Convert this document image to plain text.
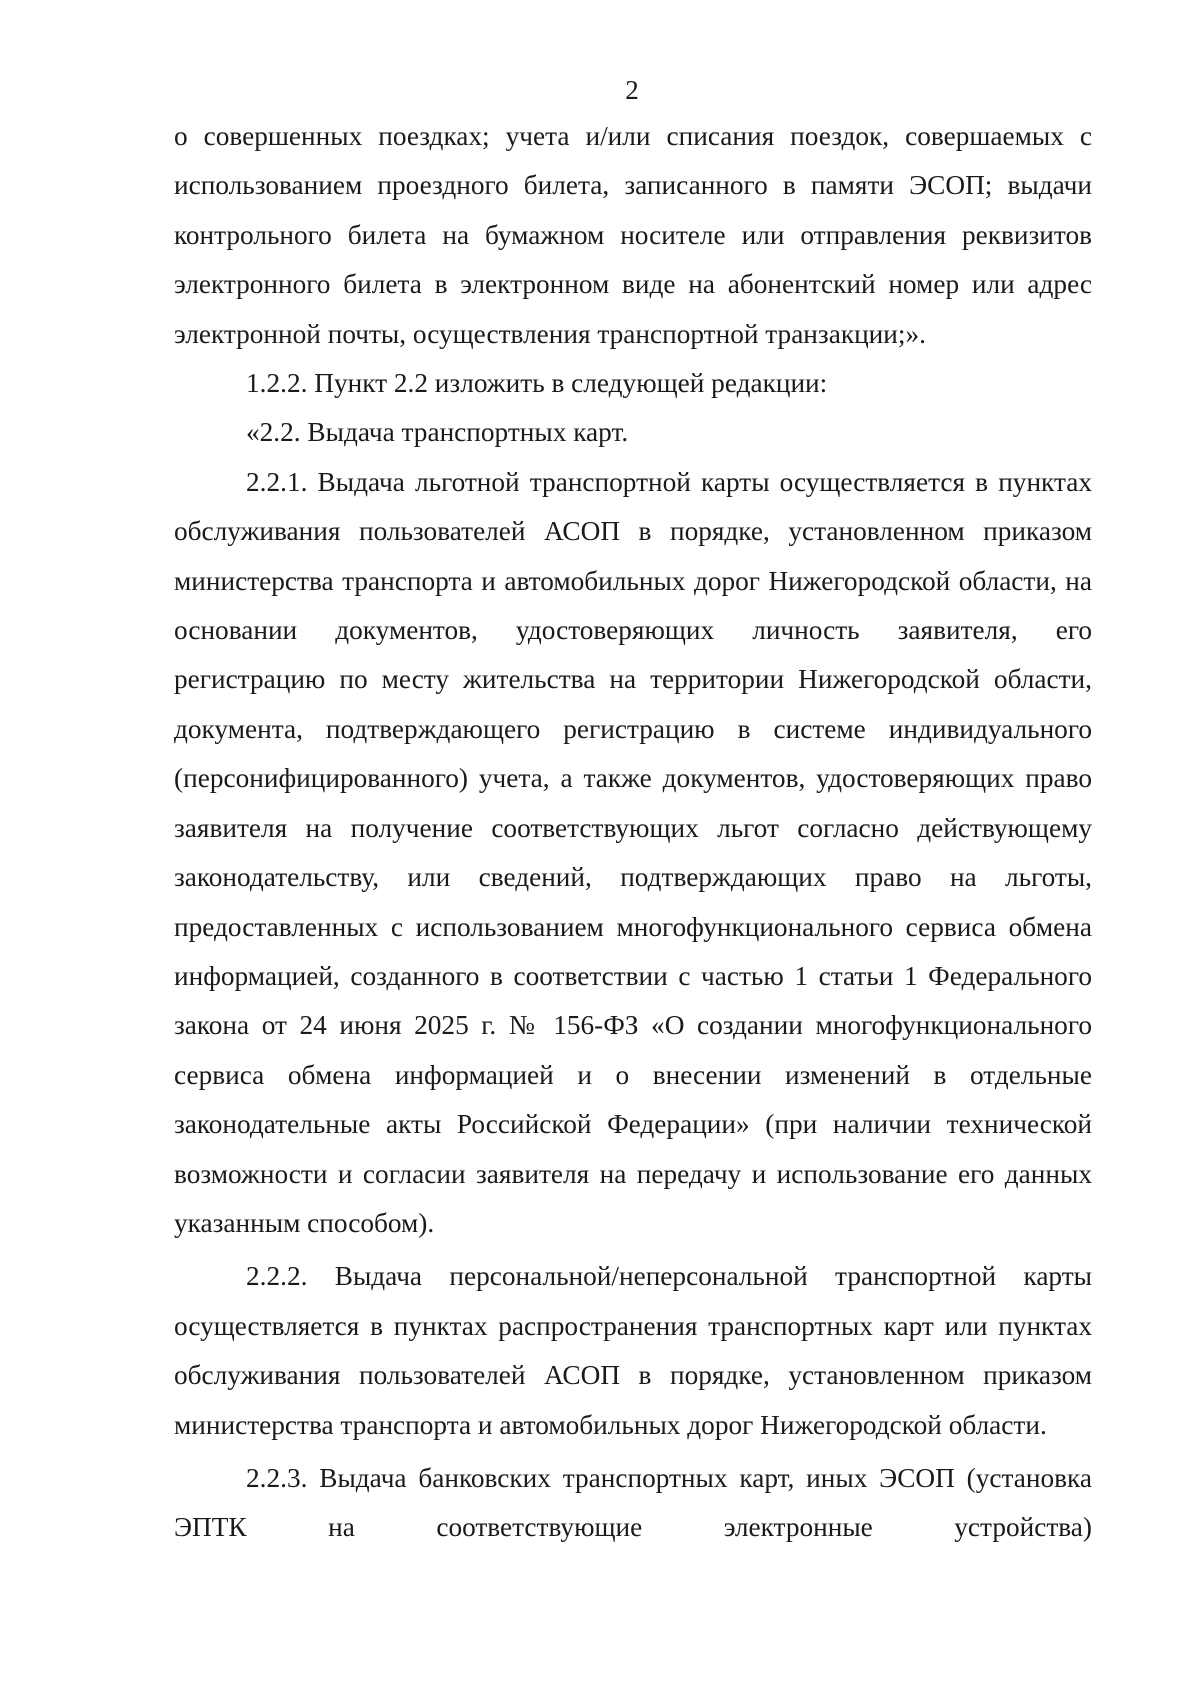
2

о совершенных поездках; учета и/или списания поездок, совершаемых с использованием проездного билета, записанного в памяти ЭСОП; выдачи контрольного билета на бумажном носителе или отправления реквизитов электронного билета в электронном виде на абонентский номер или адрес электронной почты, осуществления транспортной транзакции;».

1.2.2. Пункт 2.2 изложить в следующей редакции:

«2.2. Выдача транспортных карт.

2.2.1. Выдача льготной транспортной карты осуществляется в пунктах обслуживания пользователей АСОП в порядке, установленном приказом министерства транспорта и автомобильных дорог Нижегородской области, на основании документов, удостоверяющих личность заявителя, его регистрацию по месту жительства на территории Нижегородской области, документа, подтверждающего регистрацию в системе индивидуального (персонифицированного) учета, а также документов, удостоверяющих право заявителя на получение соответствующих льгот согласно действующему законодательству, или сведений, подтверждающих право на льготы, предоставленных с использованием многофункционального сервиса обмена информацией, созданного в соответствии с частью 1 статьи 1 Федерального закона от 24 июня 2025 г. № 156-ФЗ «О создании многофункционального сервиса обмена информацией и о внесении изменений в отдельные законодательные акты Российской Федерации» (при наличии технической возможности и согласии заявителя на передачу и использование его данных указанным способом).

2.2.2. Выдача персональной/неперсональной транспортной карты осуществляется в пунктах распространения транспортных карт или пунктах обслуживания пользователей АСОП в порядке, установленном приказом министерства транспорта и автомобильных дорог Нижегородской области.

2.2.3. Выдача банковских транспортных карт, иных ЭСОП (установка ЭПТК на соответствующие электронные устройства)
